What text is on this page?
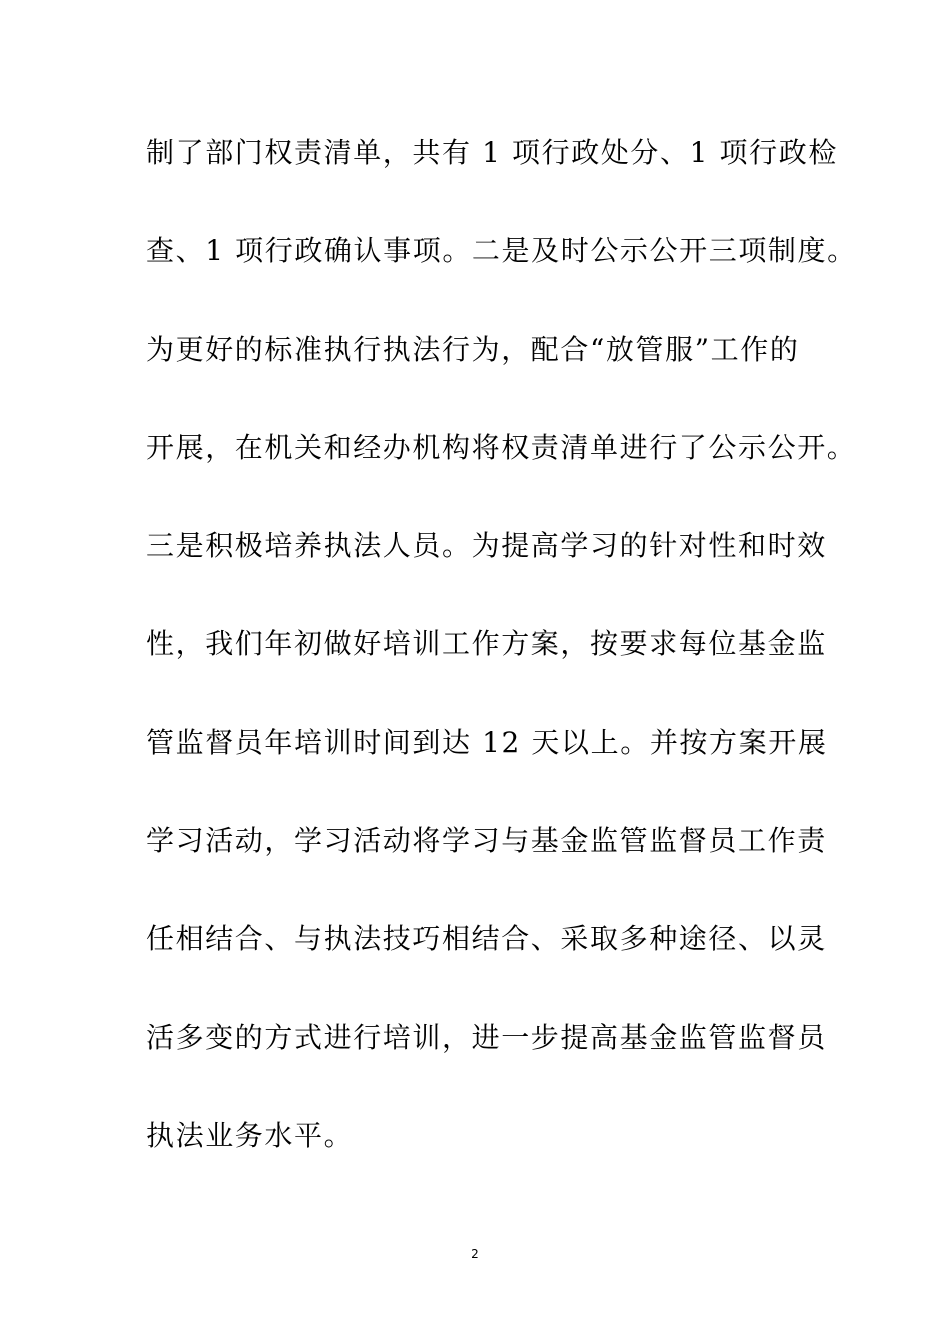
制了部门权责清单，共有 1 项行政处分、1 项行政检
查、1 项行政确认事项。二是及时公示公开三项制度。
为更好的标准执行执法行为，配合“放管服”工作的
开展，在机关和经办机构将权责清单进行了公示公开。
三是积极培养执法人员。为提高学习的针对性和时效
性，我们年初做好培训工作方案，按要求每位基金监
管监督员年培训时间到达 12 天以上。并按方案开展
学习活动，学习活动将学习与基金监管监督员工作责
任相结合、与执法技巧相结合、采取多种途径、以灵
活多变的方式进行培训，进一步提高基金监管监督员
执法业务水平。
2
